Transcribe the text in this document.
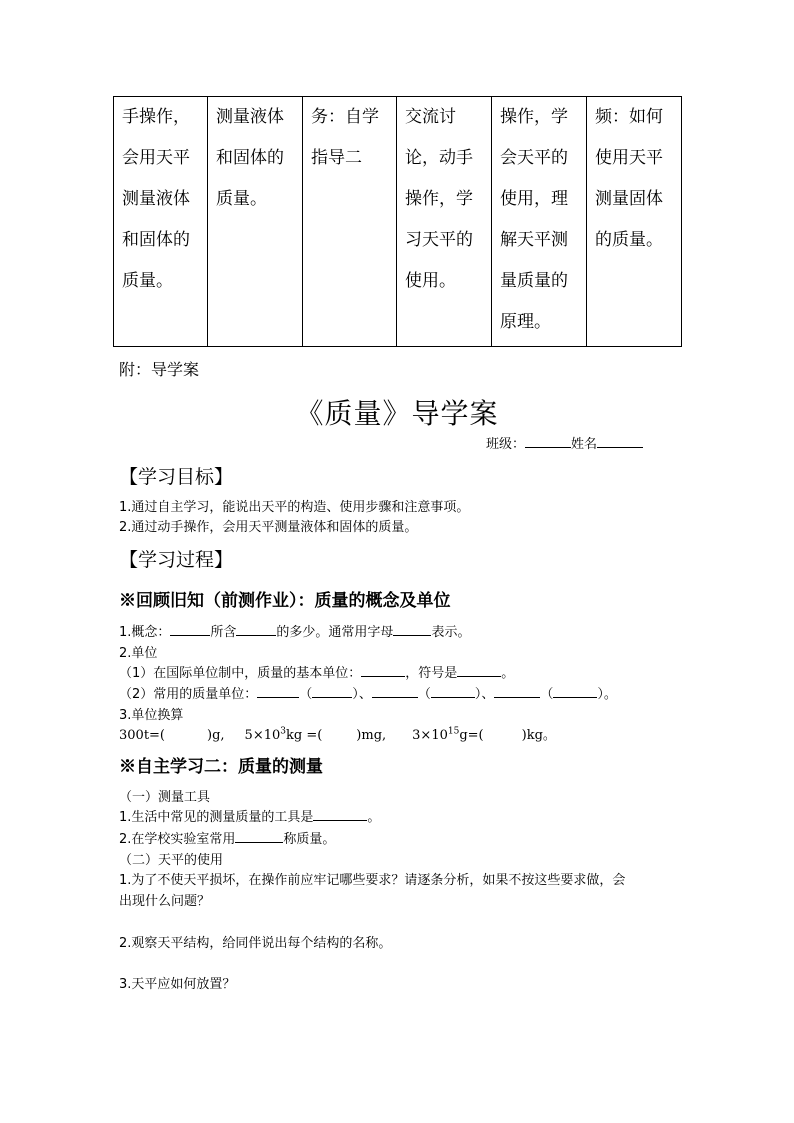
手操作，
会用天平
测量液体
和固体的
质量。

测量液体
和固体的
质量。

务：自学
指导二

交流讨
论，动手
操作，学
习天平的
使用。

操作，学
会天平的
使用，理
解天平测
量质量的
原理。

频：如何
使用天平
测量固体
的质量。
附：导学案
《质量》导学案
班级：	姓名
【学习目标】
1.通过自主学习，能说出天平的构造、使用步骤和注意事项。
2.通过动手操作，会用天平测量液体和固体的质量。
【学习过程】
※回顾旧知（前测作业）：质量的概念及单位
1.概念：	所含	的多少。通常用字母	表示。
2.单位
（1）在国际单位制中，质量的基本单位：	，符号是	。
（2）常用的质量单位：	（	）、	（	）、	（	）。
3.单位换算
300t=(	)g, $5\times 10^3kg$ =(	)mg, $3\times 10^{15}g=$(	)kg。
※自主学习二：质量的测量
（一）测量工具
1.生活中常见的测量质量的工具是	。
2.在学校实验室常用	称质量。
（二）天平的使用
1.为了不使天平损坏，在操作前应牢记哪些要求？请逐条分析，如果不按这些要求做，会
出现什么问题？
2.观察天平结构，给同伴说出每个结构的名称。
3.天平应如何放置？
